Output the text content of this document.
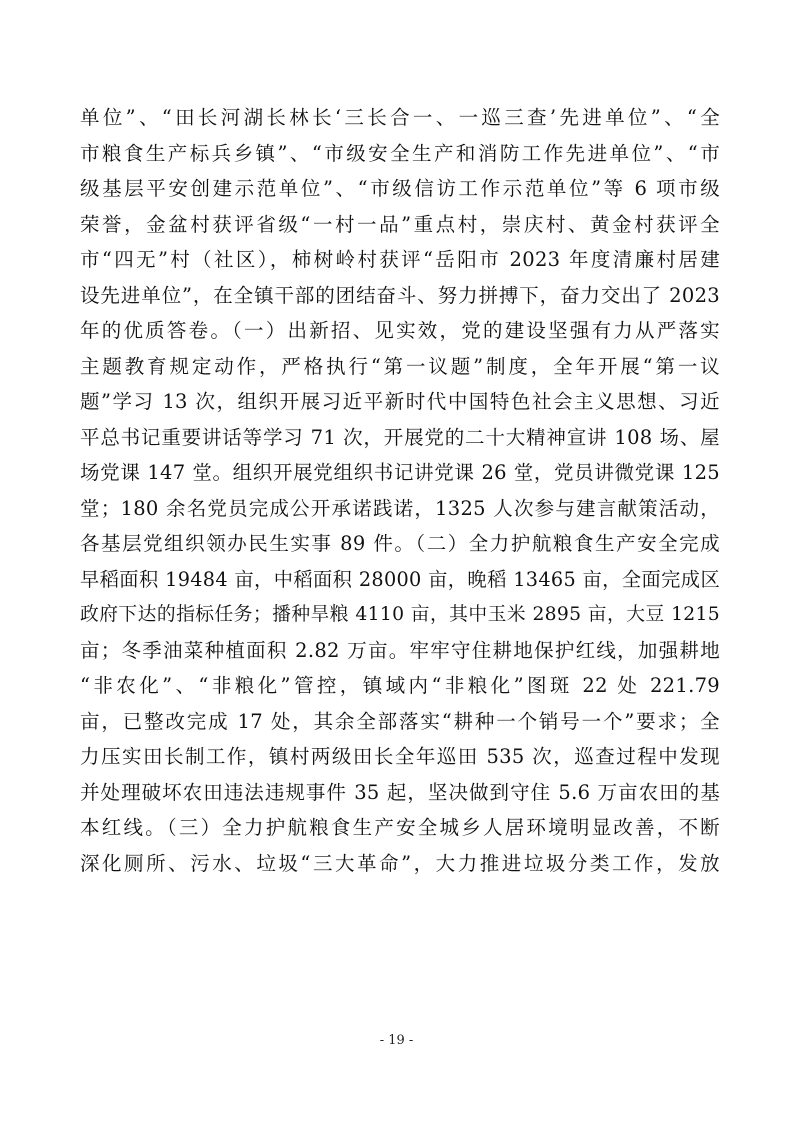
单位”、“田长河湖长林长‘三长合一、一巡三查’先进单位”、“全
市粮食生产标兵乡镇”、“市级安全生产和消防工作先进单位”、“市
级基层平安创建示范单位”、“市级信访工作示范单位”等 6 项市级
荣誉，金盆村获评省级“一村一品”重点村，崇庆村、黄金村获评全
市“四无”村（社区），柿树岭村获评“岳阳市 2023 年度清廉村居建
设先进单位”，在全镇干部的团结奋斗、努力拼搏下，奋力交出了 2023
年的优质答卷。（一）出新招、见实效，党的建设坚强有力从严落实
主题教育规定动作，严格执行“第一议题”制度，全年开展“第一议
题”学习 13 次，组织开展习近平新时代中国特色社会主义思想、习近
平总书记重要讲话等学习 71 次，开展党的二十大精神宣讲 108 场、屋
场党课 147 堂。组织开展党组织书记讲党课 26 堂，党员讲微党课 125
堂；180 余名党员完成公开承诺践诺，1325 人次参与建言献策活动，
各基层党组织领办民生实事 89 件。（二）全力护航粮食生产安全完成
早稻面积 19484 亩，中稻面积 28000 亩，晚稻 13465 亩，全面完成区
政府下达的指标任务；播种旱粮 4110 亩，其中玉米 2895 亩，大豆 1215
亩；冬季油菜种植面积 2.82 万亩。牢牢守住耕地保护红线，加强耕地
“非农化”、“非粮化”管控，镇域内“非粮化”图斑 22 处 221.79
亩，已整改完成 17 处，其余全部落实“耕种一个销号一个”要求；全
力压实田长制工作，镇村两级田长全年巡田 535 次，巡查过程中发现
并处理破坏农田违法违规事件 35 起，坚决做到守住 5.6 万亩农田的基
本红线。（三）全力护航粮食生产安全城乡人居环境明显改善，不断
深化厕所、污水、垃圾“三大革命”，大力推进垃圾分类工作，发放
- 19 -
